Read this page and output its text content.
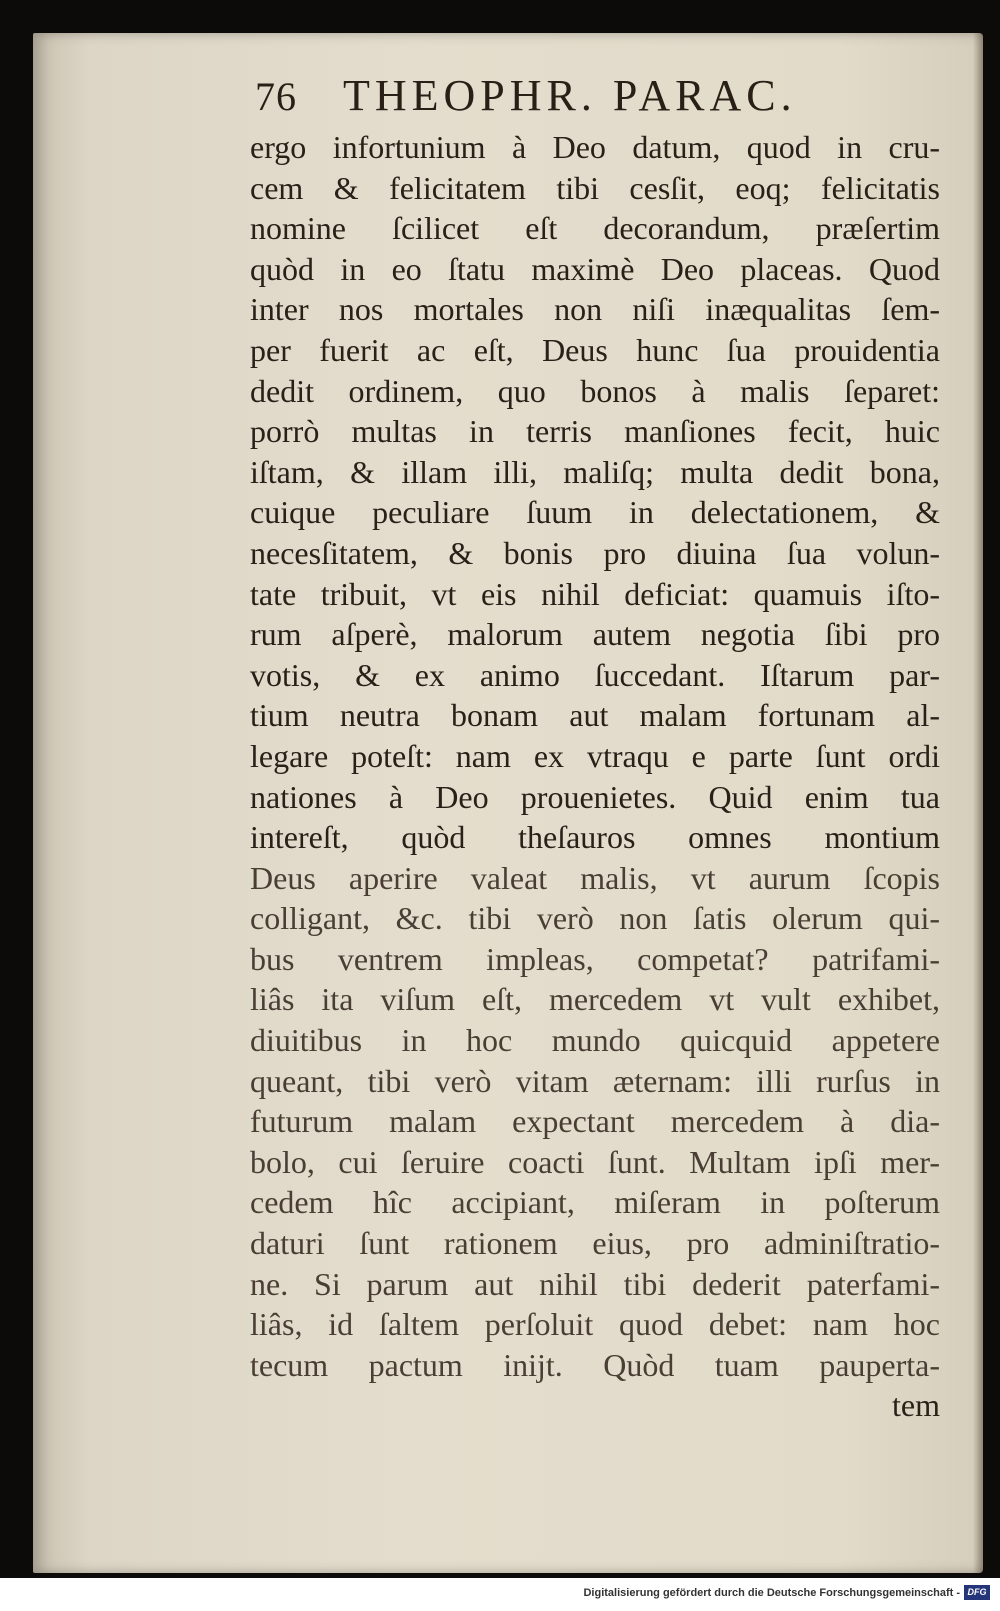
76 THEOPHR. PARAC.
ergo infortunium à Deo datum, quod in cru-
cem & felicitatem tibi cesſit, eoq; felicitatis
nomine ſcilicet eſt decorandum, præſertim
quòd in eo ſtatu maximè Deo placeas. Quod
inter nos mortales non niſi inæqualitas ſem-
per fuerit ac eſt, Deus hunc ſua prouidentia
dedit ordinem, quo bonos à malis ſeparet:
porrò multas in terris manſiones fecit, huic
iſtam, & illam illi, maliſq; multa dedit bona,
cuique peculiare ſuum in delectationem, &
necesſitatem, & bonis pro diuina ſua volun-
tate tribuit, vt eis nihil deficiat: quamuis iſto-
rum aſperè, malorum autem negotia ſibi pro
votis, & ex animo ſuccedant. Iſtarum par-
tium neutra bonam aut malam fortunam al-
legare poteſt: nam ex vtraqu e parte ſunt ordi
nationes à Deo prouenietes. Quid enim tua
intereſt, quòd theſauros omnes montium
Deus aperire valeat malis, vt aurum ſcopis
colligant, &c. tibi verò non ſatis olerum qui-
bus ventrem impleas, competat? patrifami-
liâs ita viſum eſt, mercedem vt vult exhibet,
diuitibus in hoc mundo quicquid appetere
queant, tibi verò vitam æternam: illi rurſus in
futurum malam expectant mercedem à dia-
bolo, cui ſeruire coacti ſunt. Multam ipſi mer-
cedem hîc accipiant, miſeram in poſterum
daturi ſunt rationem eius, pro adminiſtratio-
ne. Si parum aut nihil tibi dederit paterfami-
liâs, id ſaltem perſoluit quod debet: nam hoc
tecum pactum inijt. Quòd tuam pauperta-
tem
Digitalisierung gefördert durch die Deutsche Forschungsgemeinschaft - DFG
